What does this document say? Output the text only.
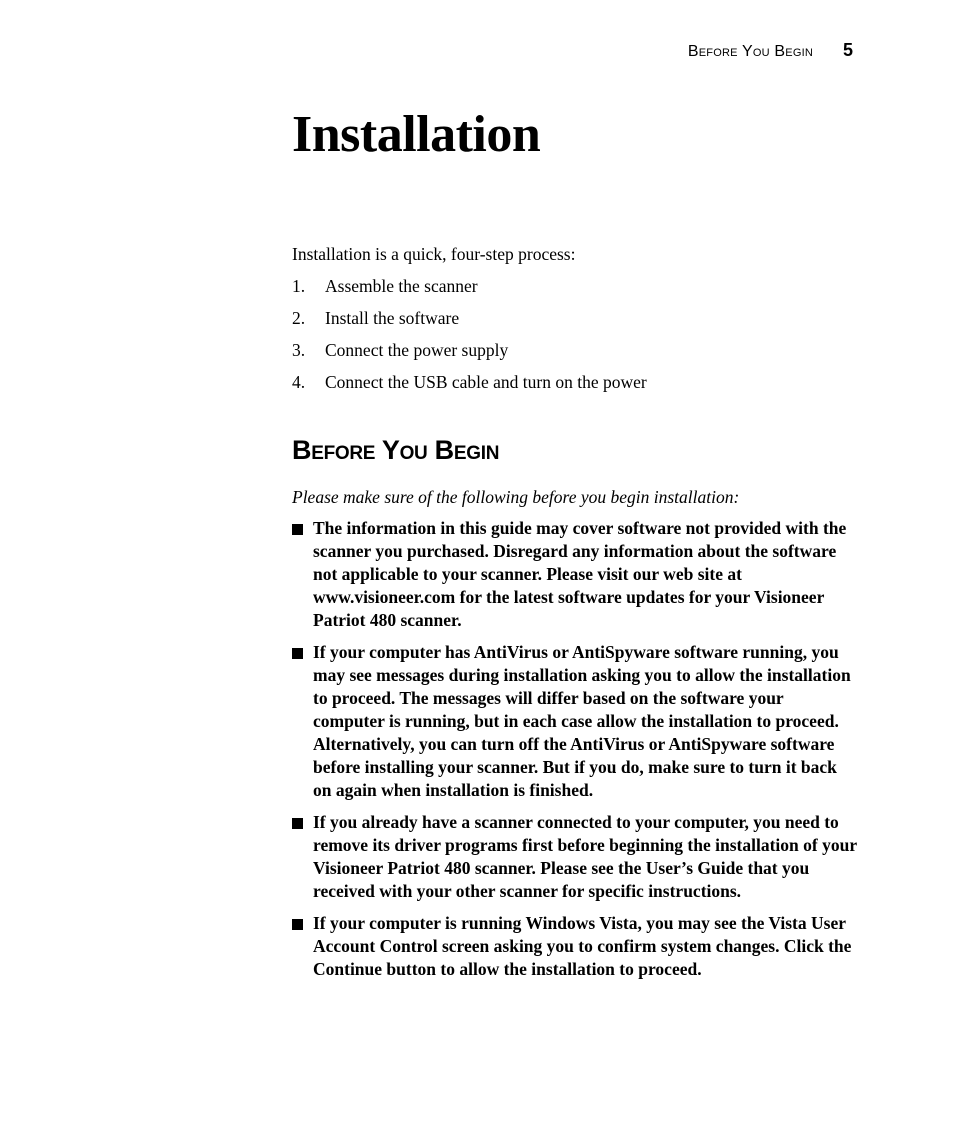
Before You Begin 5
Installation

Installation is a quick, four-step process:

1.	Assemble the scanner
2.	Install the software
3.	Connect the power supply
4.	Connect the USB cable and turn on the power
Before You Begin

Please make sure of the following before you begin installation:

The information in this guide may cover software not provided with the scanner you purchased. Disregard any information about the software not applicable to your scanner. Please visit our web site at www.visioneer.com for the latest software updates for your Visioneer Patriot 480 scanner.
If your computer has AntiVirus or AntiSpyware software running, you may see messages during installation asking you to allow the installation to proceed. The messages will differ based on the software your computer is running, but in each case allow the installation to proceed. Alternatively, you can turn off the AntiVirus or AntiSpyware software before installing your scanner. But if you do, make sure to turn it back on again when installation is finished.
If you already have a scanner connected to your computer, you need to remove its driver programs first before beginning the installation of your Visioneer Patriot 480 scanner. Please see the User’s Guide that you received with your other scanner for specific instructions.
If your computer is running Windows Vista, you may see the Vista User Account Control screen asking you to confirm system changes. Click the Continue button to allow the installation to proceed.
